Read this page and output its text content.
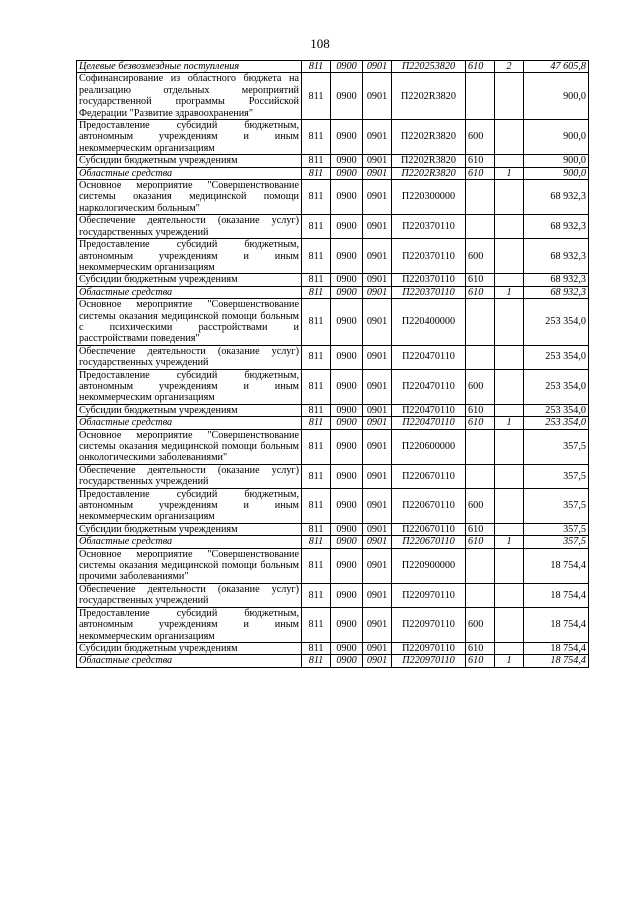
108
Целевые безвозмездные поступления	811	0900	0901	П220253820	610	2	47 605,8
Софинансирование из областного бюджета на реализацию отдельных мероприятий государственной программы Российской Федерации "Развитие здравоохранения"	811	0900	0901	П2202R3820			900,0
Предоставление субсидий бюджетным, автономным учреждениям и иным некоммерческим организациям	811	0900	0901	П2202R3820	600		900,0
Субсидии бюджетным учреждениям	811	0900	0901	П2202R3820	610		900,0
Областные средства	811	0900	0901	П2202R3820	610	1	900,0
Основное мероприятие "Совершенствование системы оказания медицинской помощи наркологическим больным"	811	0900	0901	П220300000			68 932,3
Обеспечение деятельности (оказание услуг) государственных учреждений	811	0900	0901	П220370110			68 932,3
Предоставление субсидий бюджетным, автономным учреждениям и иным некоммерческим организациям	811	0900	0901	П220370110	600		68 932,3
Субсидии бюджетным учреждениям	811	0900	0901	П220370110	610		68 932,3
Областные средства	811	0900	0901	П220370110	610	1	68 932,3
Основное мероприятие "Совершенствование системы оказания медицинской помощи больным с психическими расстройствами и расстройствами поведения"	811	0900	0901	П220400000			253 354,0
Обеспечение деятельности (оказание услуг) государственных учреждений	811	0900	0901	П220470110			253 354,0
Предоставление субсидий бюджетным, автономным учреждениям и иным некоммерческим организациям	811	0900	0901	П220470110	600		253 354,0
Субсидии бюджетным учреждениям	811	0900	0901	П220470110	610		253 354,0
Областные средства	811	0900	0901	П220470110	610	1	253 354,0
Основное мероприятие "Совершенствование системы оказания медицинской помощи больным онкологическими заболеваниями"	811	0900	0901	П220600000			357,5
Обеспечение деятельности (оказание услуг) государственных учреждений	811	0900	0901	П220670110			357,5
Предоставление субсидий бюджетным, автономным учреждениям и иным некоммерческим организациям	811	0900	0901	П220670110	600		357,5
Субсидии бюджетным учреждениям	811	0900	0901	П220670110	610		357,5
Областные средства	811	0900	0901	П220670110	610	1	357,5
Основное мероприятие "Совершенствование системы оказания медицинской помощи больным прочими заболеваниями"	811	0900	0901	П220900000			18 754,4
Обеспечение деятельности (оказание услуг) государственных учреждений	811	0900	0901	П220970110			18 754,4
Предоставление субсидий бюджетным, автономным учреждениям и иным некоммерческим организациям	811	0900	0901	П220970110	600		18 754,4
Субсидии бюджетным учреждениям	811	0900	0901	П220970110	610		18 754,4
Областные средства	811	0900	0901	П220970110	610	1	18 754,4
